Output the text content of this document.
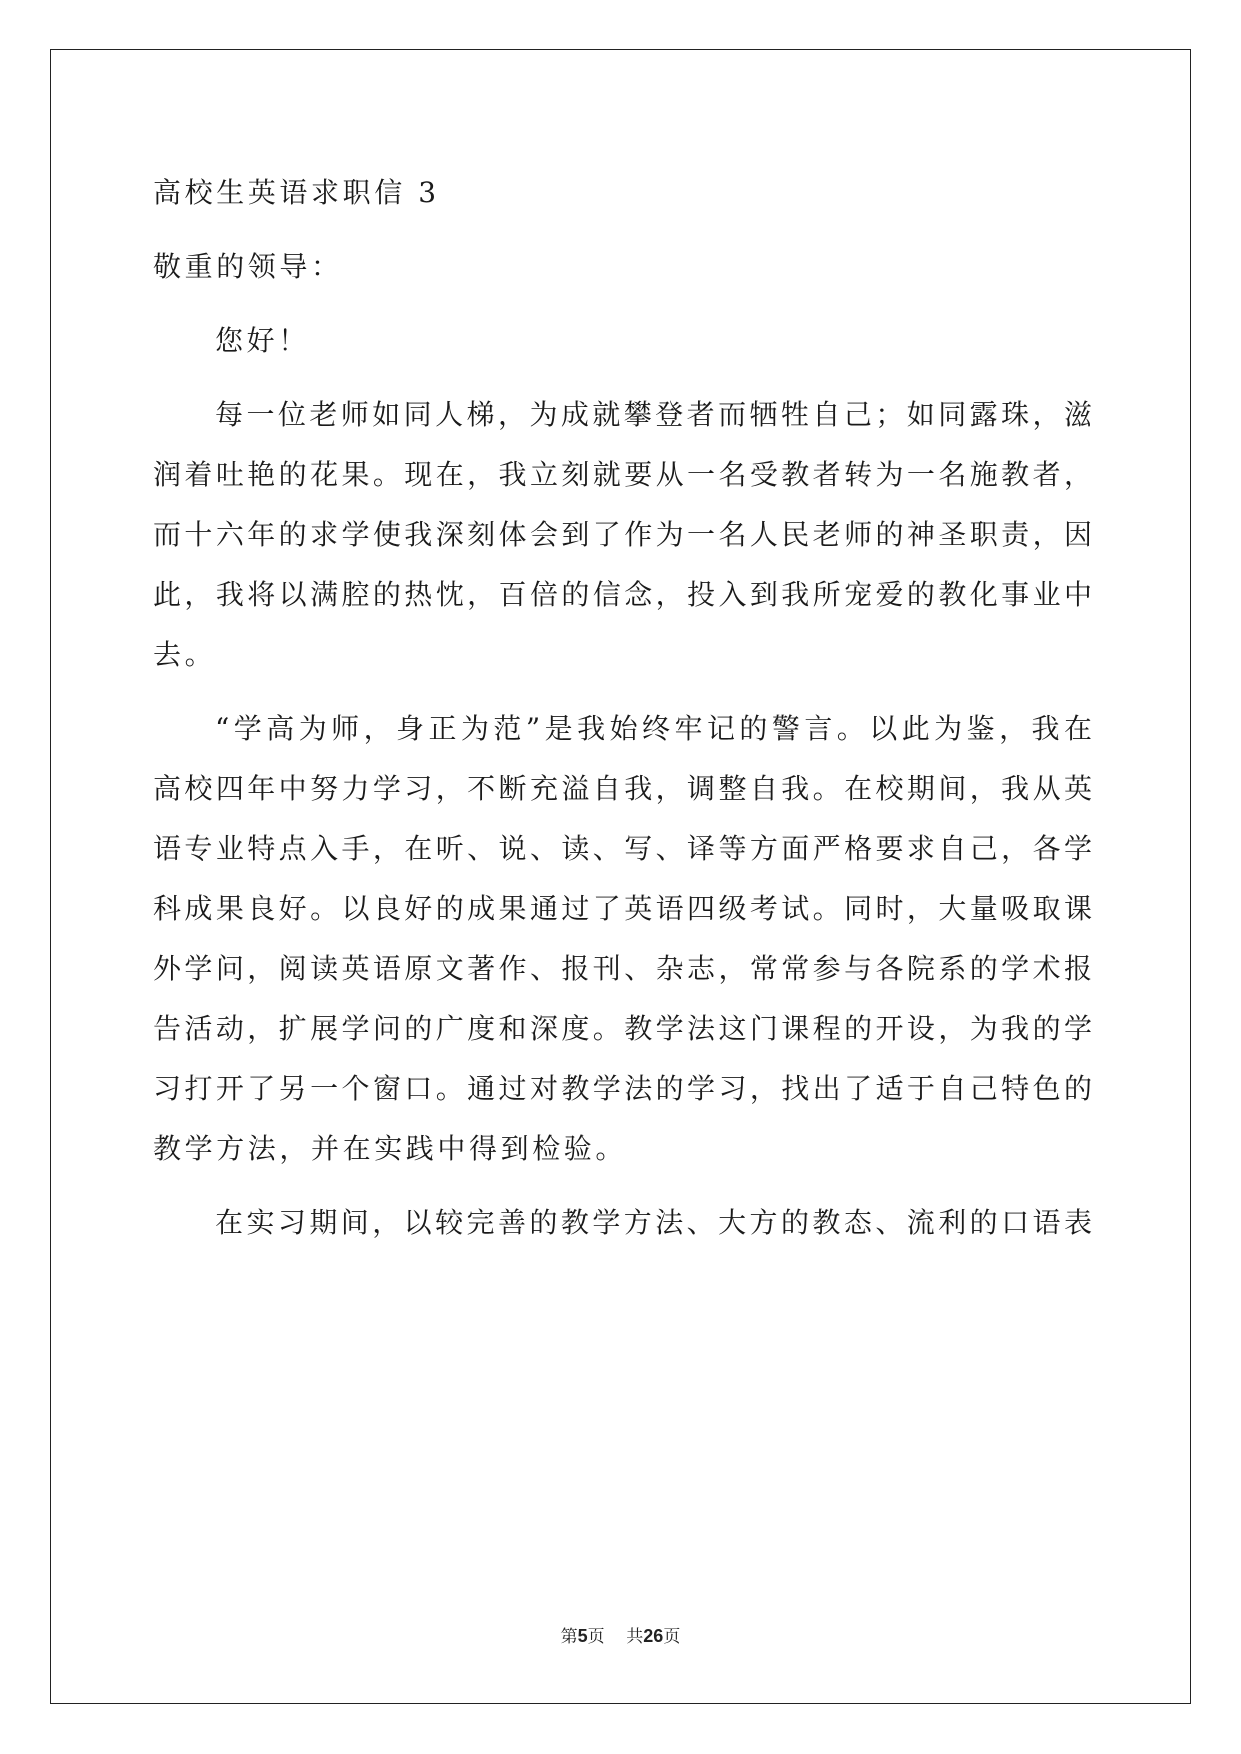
高校生英语求职信 3

敬重的领导：

您好！

每一位老师如同人梯，为成就攀登者而牺牲自己；如同露珠，滋

润着吐艳的花果。现在，我立刻就要从一名受教者转为一名施教者，

而十六年的求学使我深刻体会到了作为一名人民老师的神圣职责，因

此，我将以满腔的热忱，百倍的信念，投入到我所宠爱的教化事业中

去。

“学高为师，身正为范”是我始终牢记的警言。以此为鉴，我在

高校四年中努力学习，不断充溢自我，调整自我。在校期间，我从英

语专业特点入手，在听、说、读、写、译等方面严格要求自己，各学

科成果良好。以良好的成果通过了英语四级考试。同时，大量吸取课

外学问，阅读英语原文著作、报刊、杂志，常常参与各院系的学术报

告活动，扩展学问的广度和深度。教学法这门课程的开设，为我的学

习打开了另一个窗口。通过对教学法的学习，找出了适于自己特色的

教学方法，并在实践中得到检验。

在实习期间，以较完善的教学方法、大方的教态、流利的口语表

第5页 共26页
